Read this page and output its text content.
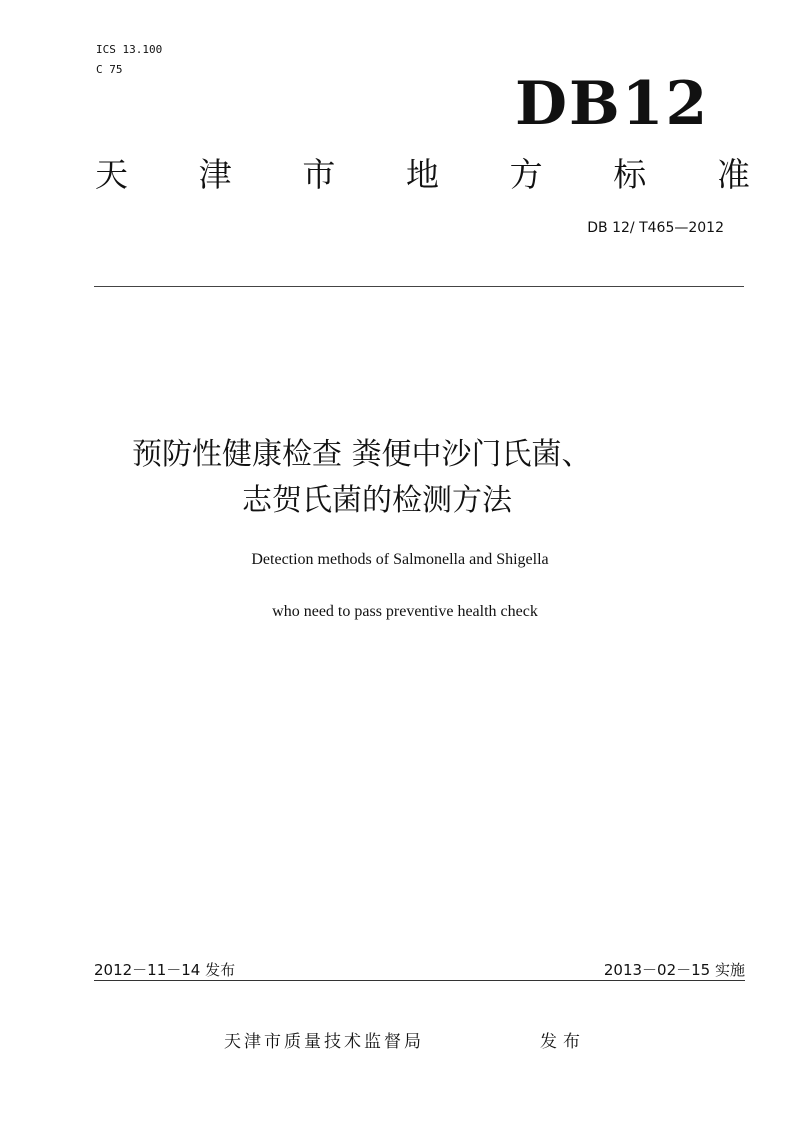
ICS 13.100
C 75	DB12
天 津 市 地 方 标 准
DB 12/ T465—2012
预防性健康检查 粪便中沙门氏菌、
志贺氏菌的检测方法
Detection methods of Salmonella and Shigella
who need to pass preventive health check
2012－11－14 发布	2013－02－15 实施
天津市质量技术监督局	发布
